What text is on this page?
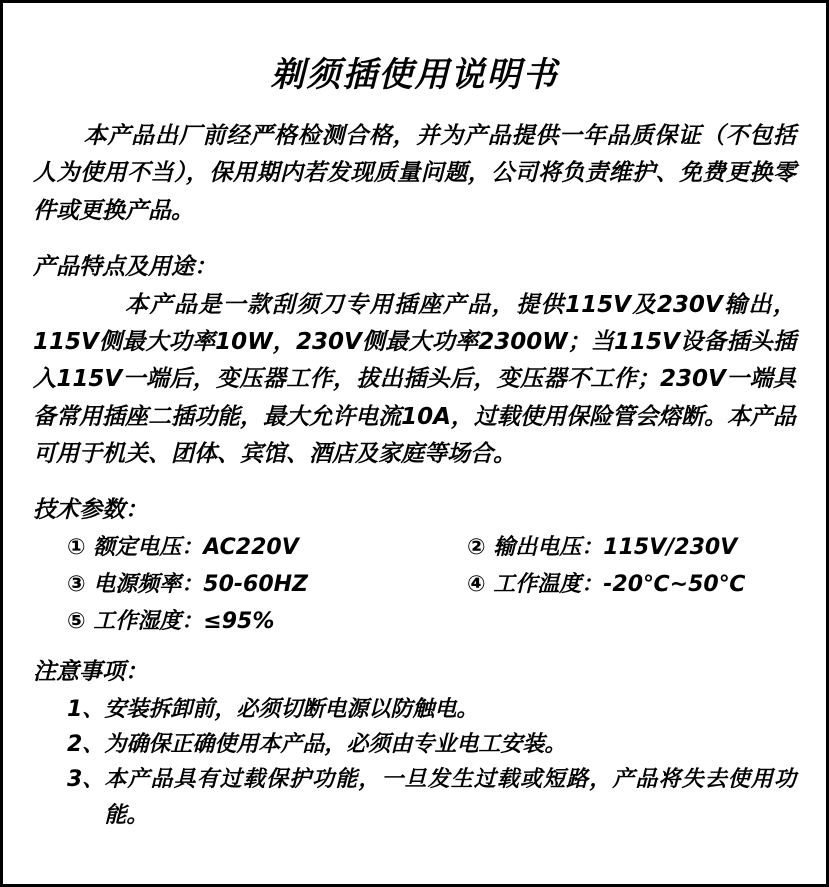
剃须插使用说明书

本产品出厂前经严格检测合格，并为产品提供一年品质保证（不包括人为使用不当），保用期内若发现质量问题，公司将负责维护、免费更换零件或更换产品。

产品特点及用途：

本产品是一款刮须刀专用插座产品，提供115V及230V输出，115V侧最大功率10W，230V侧最大功率2300W；当115V设备插头插入115V一端后，变压器工作，拔出插头后，变压器不工作；230V一端具备常用插座二插功能，最大允许电流10A，过载使用保险管会熔断。本产品可用于机关、团体、宾馆、酒店及家庭等场合。

技术参数：
① 额定电压：AC220V	② 输出电压：115V/230V
③ 电源频率：50-60HZ	④ 工作温度：-20℃~50℃
⑤ 工作湿度：≤95%
注意事项：
1、 安装拆卸前，必须切断电源以防触电。
2、 为确保正确使用本产品，必须由专业电工安装。
3、 本产品具有过载保护功能，一旦发生过载或短路，产品将失去使用功能。
